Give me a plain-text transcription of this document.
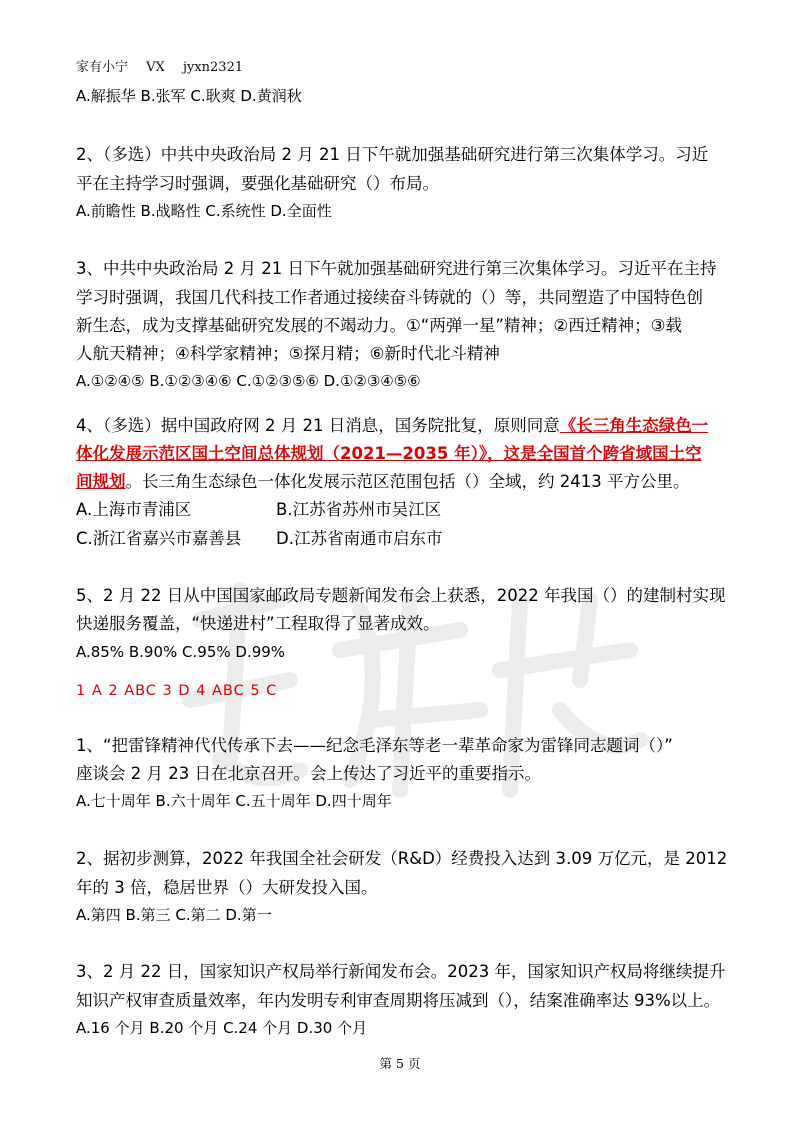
家有小宁 VX jyxn2321
A.解振华 B.张军 C.耿爽 D.黄润秋
2、（多选）中共中央政治局 2 月 21 日下午就加强基础研究进行第三次集体学习。习近
平在主持学习时强调，要强化基础研究（）布局。
A.前瞻性 B.战略性 C.系统性 D.全面性
3、中共中央政治局 2 月 21 日下午就加强基础研究进行第三次集体学习。习近平在主持
学习时强调，我国几代科技工作者通过接续奋斗铸就的（）等，共同塑造了中国特色创
新生态，成为支撑基础研究发展的不竭动力。①“两弹一星”精神；②西迁精神；③载
人航天精神；④科学家精神；⑤探月精；⑥新时代北斗精神
A.①②④⑤ B.①②③④⑥ C.①②③⑤⑥ D.①②③④⑤⑥
4、（多选）据中国政府网 2 月 21 日消息，国务院批复，原则同意《长三角生态绿色一
体化发展示范区国土空间总体规划（2021—2035 年）》，这是全国首个跨省域国土空
间规划。长三角生态绿色一体化发展示范区范围包括（）全域，约 2413 平方公里。
A.上海市青浦区	B.江苏省苏州市吴江区
C.浙江省嘉兴市嘉善县 D.江苏省南通市启东市
5、2 月 22 日从中国国家邮政局专题新闻发布会上获悉，2022 年我国（）的建制村实现
快递服务覆盖，“快递进村”工程取得了显著成效。
A.85% B.90% C.95% D.99%
1 A 2 ABC 3 D 4 ABC 5 C
1、“把雷锋精神代代传承下去——纪念毛泽东等老一辈革命家为雷锋同志题词（）”
座谈会 2 月 23 日在北京召开。会上传达了习近平的重要指示。
A.七十周年 B.六十周年 C.五十周年 D.四十周年
2、据初步测算，2022 年我国全社会研发（R&D）经费投入达到 3.09 万亿元，是 2012
年的 3 倍，稳居世界（）大研发投入国。
A.第四 B.第三 C.第二 D.第一
3、2 月 22 日，国家知识产权局举行新闻发布会。2023 年，国家知识产权局将继续提升
知识产权审查质量效率，年内发明专利审查周期将压减到（），结案准确率达 93%以上。
A.16 个月 B.20 个月 C.24 个月 D.30 个月
第 5 页
